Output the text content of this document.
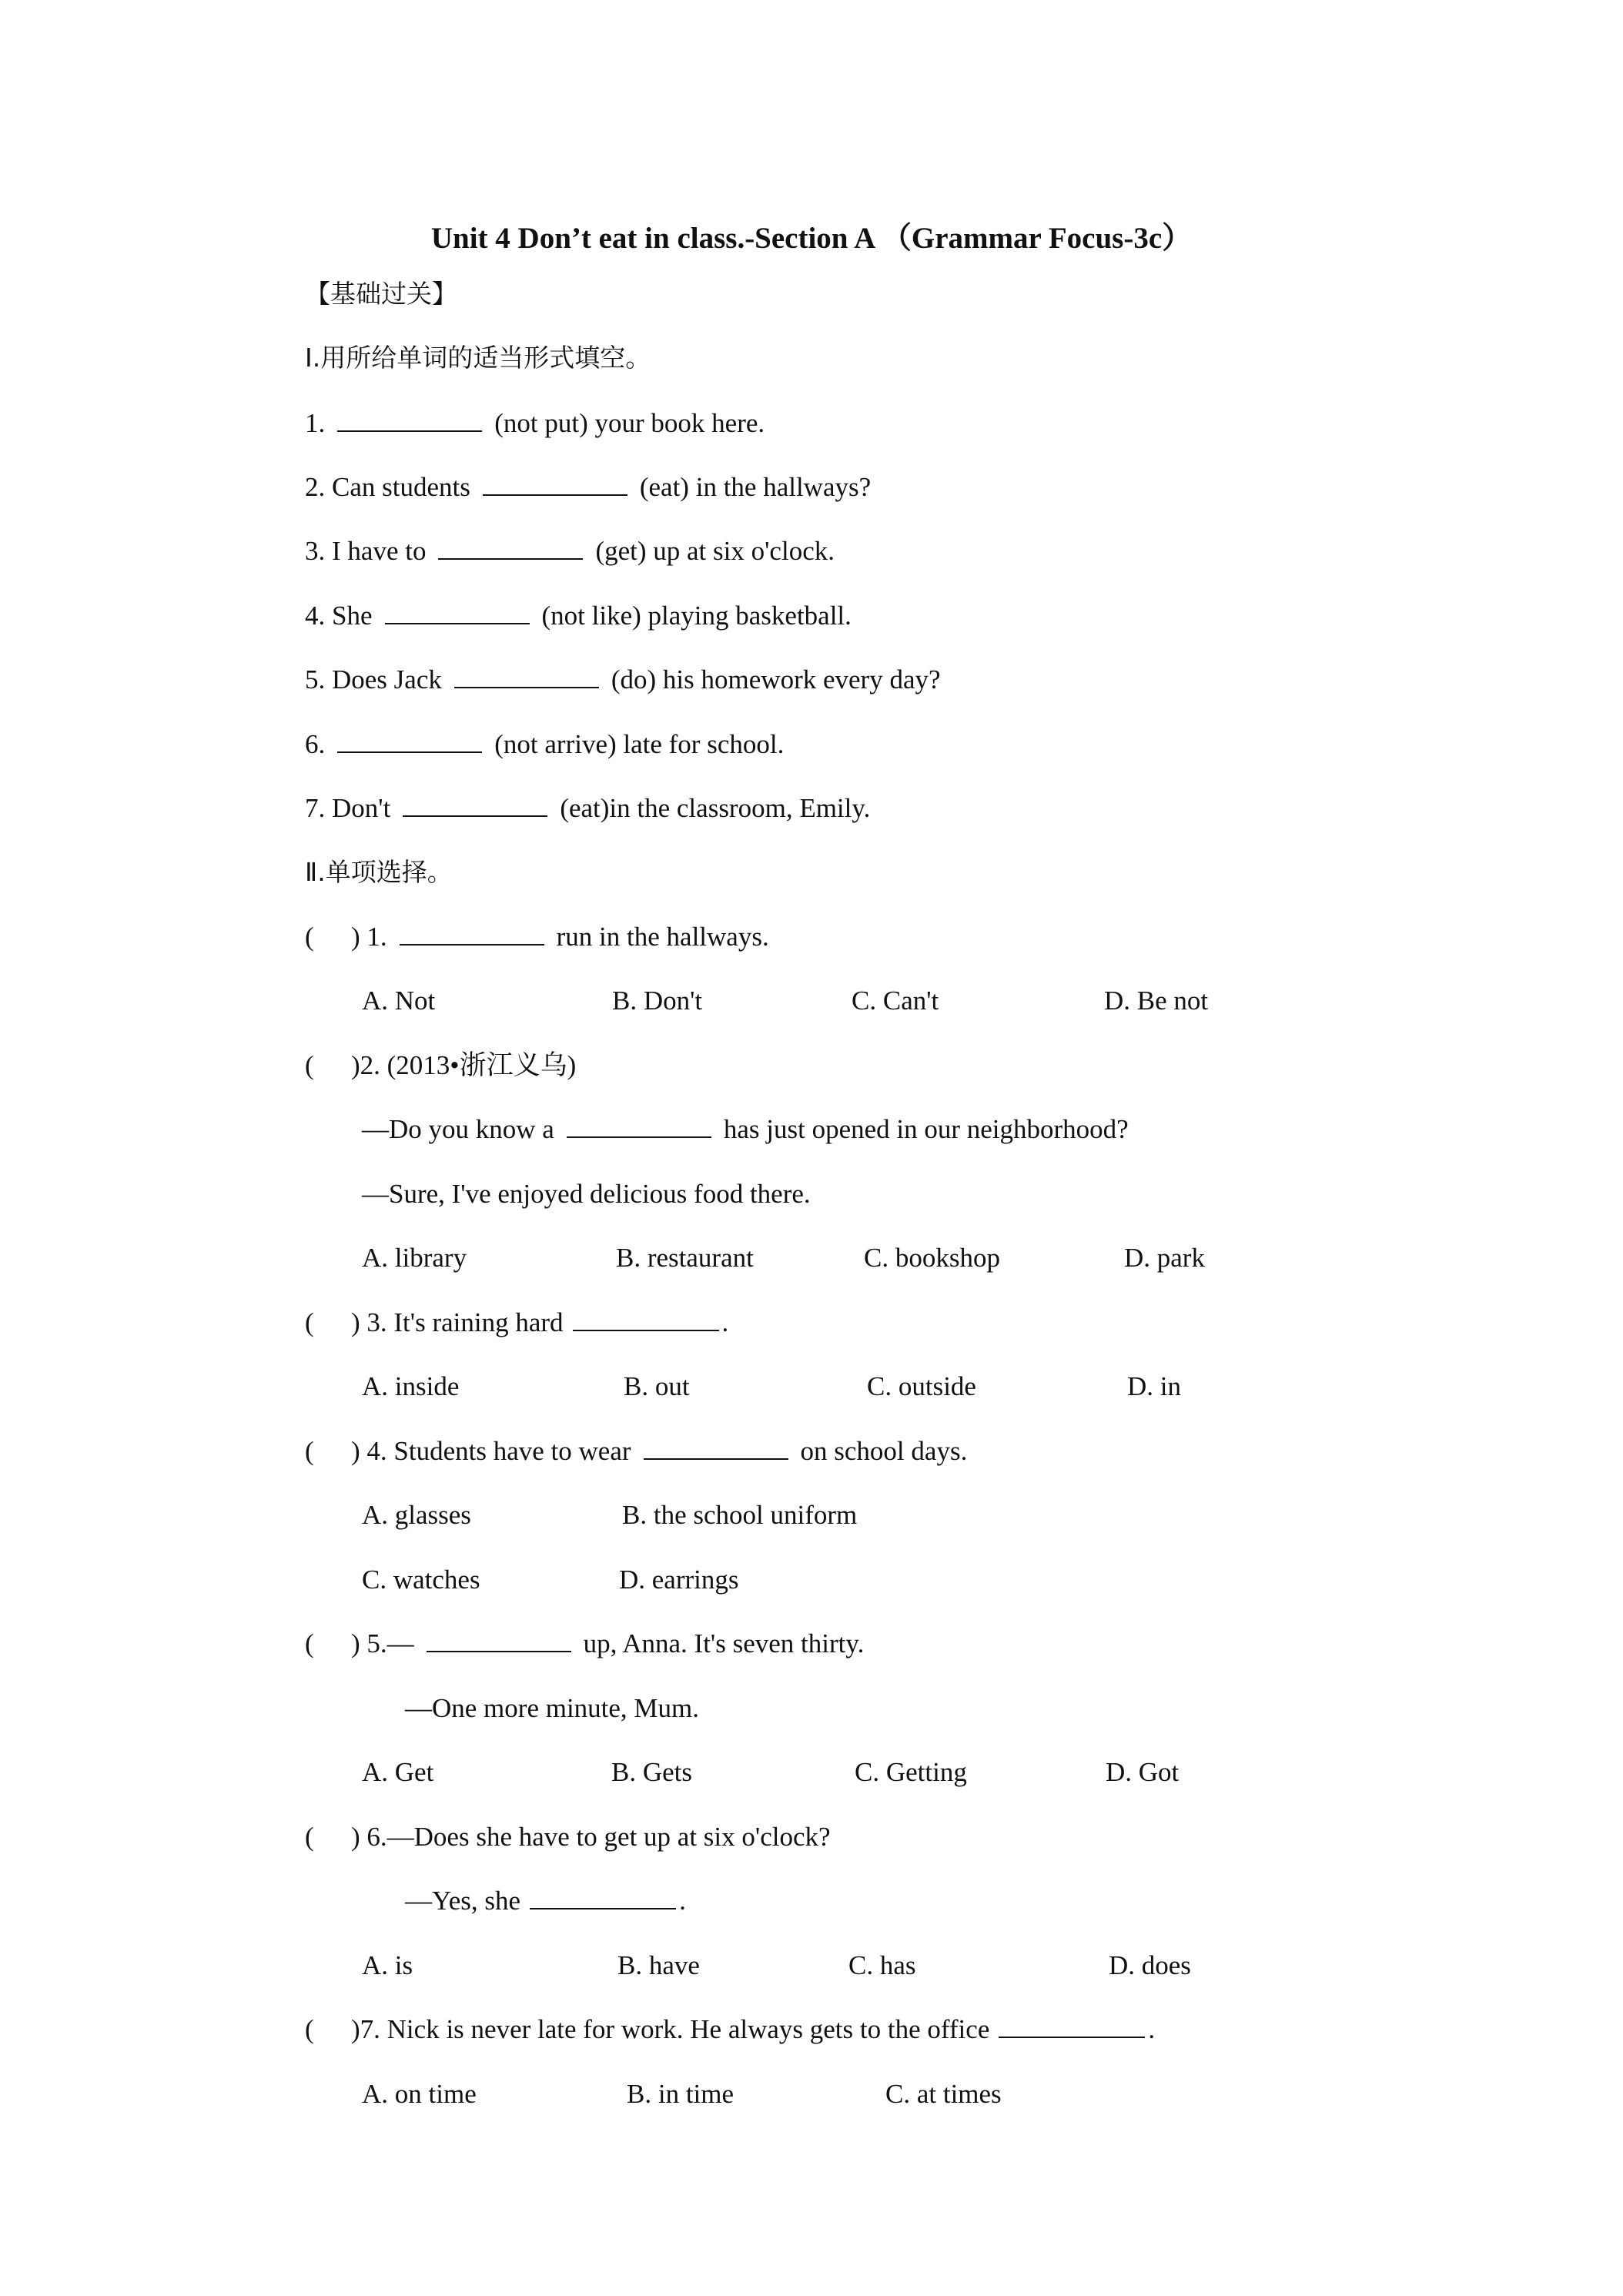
Unit 4 Don’t eat in class.-Section A （Grammar Focus-3c）
【基础过关】
Ⅰ.用所给单词的适当形式填空。
1.	(not put) your book here.
2. Can students	(eat) in the hallways?
3. I have to	(get) up at six o'clock.
4. She	(not like) playing basketball.
5. Does Jack	(do) his homework every day?
6.	(not arrive) late for school.
7. Don't	(eat)in the classroom, Emily.
Ⅱ.单项选择。
( ) 1.	run in the hallways.
A. Not	B. Don't	C. Can't	D. Be not
( )2. (2013•浙江义乌)
—Do you know a	has just opened in our neighborhood?
—Sure, I've enjoyed delicious food there.
A. library	B. restaurant	C. bookshop	D. park
( ) 3. It's raining hard	.
A. inside	B. out	C. outside	D. in
( ) 4. Students have to wear	on school days.
A. glasses	B. the school uniform
C. watches	D. earrings
( ) 5.—	up, Anna. It's seven thirty.
—One more minute, Mum.
A. Get	B. Gets	C. Getting	D. Got
( ) 6.—Does she have to get up at six o'clock?
—Yes, she	.
A. is	B. have	C. has	D. does
( )7. Nick is never late for work. He always gets to the office	.
A. on time	B. in time	C. at times
